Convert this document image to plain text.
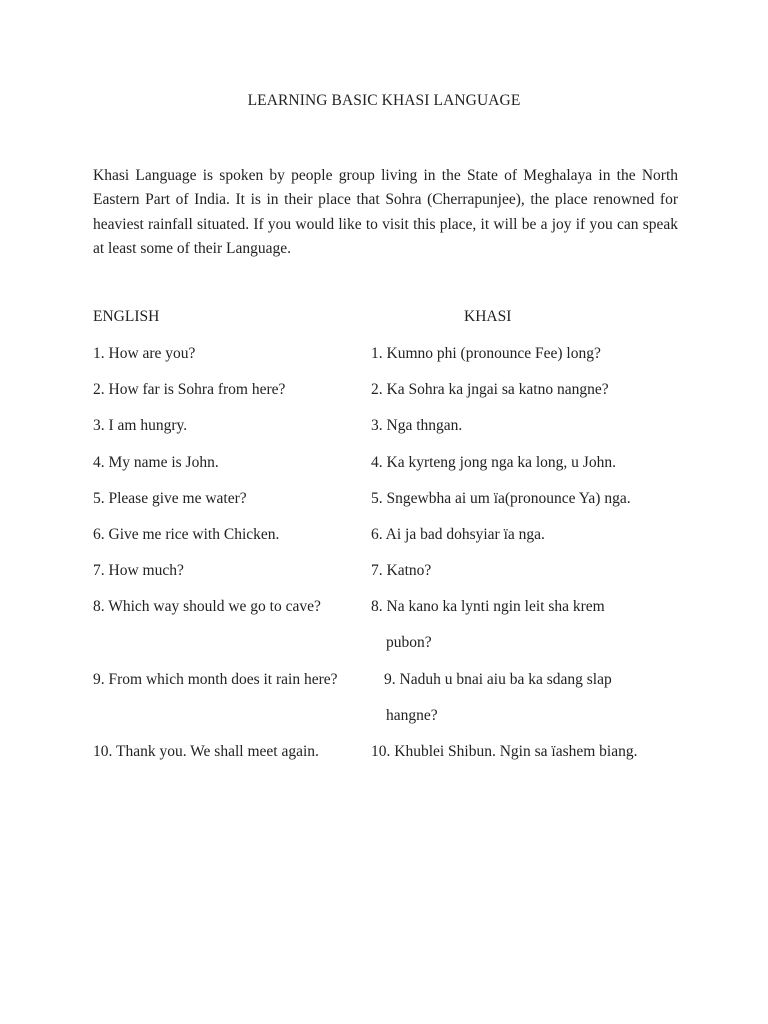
LEARNING BASIC KHASI LANGUAGE

Khasi Language is spoken by people group living in the State of Meghalaya in the North Eastern Part of India. It is in their place that Sohra (Cherrapunjee), the place renowned for heaviest rainfall situated. If you would like to visit this place, it will be a joy if you can speak at least some of their Language.

ENGLISH	KHASI
1. How are you?	1. Kumno phi (pronounce Fee) long?
2. How far is Sohra from here?	2. Ka Sohra ka jngai sa katno nangne?
3. I am hungry.	3. Nga thngan.
4. My name is John.	4. Ka kyrteng jong nga ka long, u John.
5. Please give me water?	5. Sngewbha ai um ïa(pronounce Ya) nga.
6. Give me rice with Chicken.	6. Ai ja bad dohsyiar ïa nga.
7. How much?	7. Katno?
8. Which way should we go to cave?	8. Na kano ka lynti ngin leit sha krem
pubon?
9. From which month does it rain here?	9. Naduh u bnai aiu ba ka sdang slap
hangne?
10. Thank you. We shall meet again.	10. Khublei Shibun. Ngin sa ïashem biang.
